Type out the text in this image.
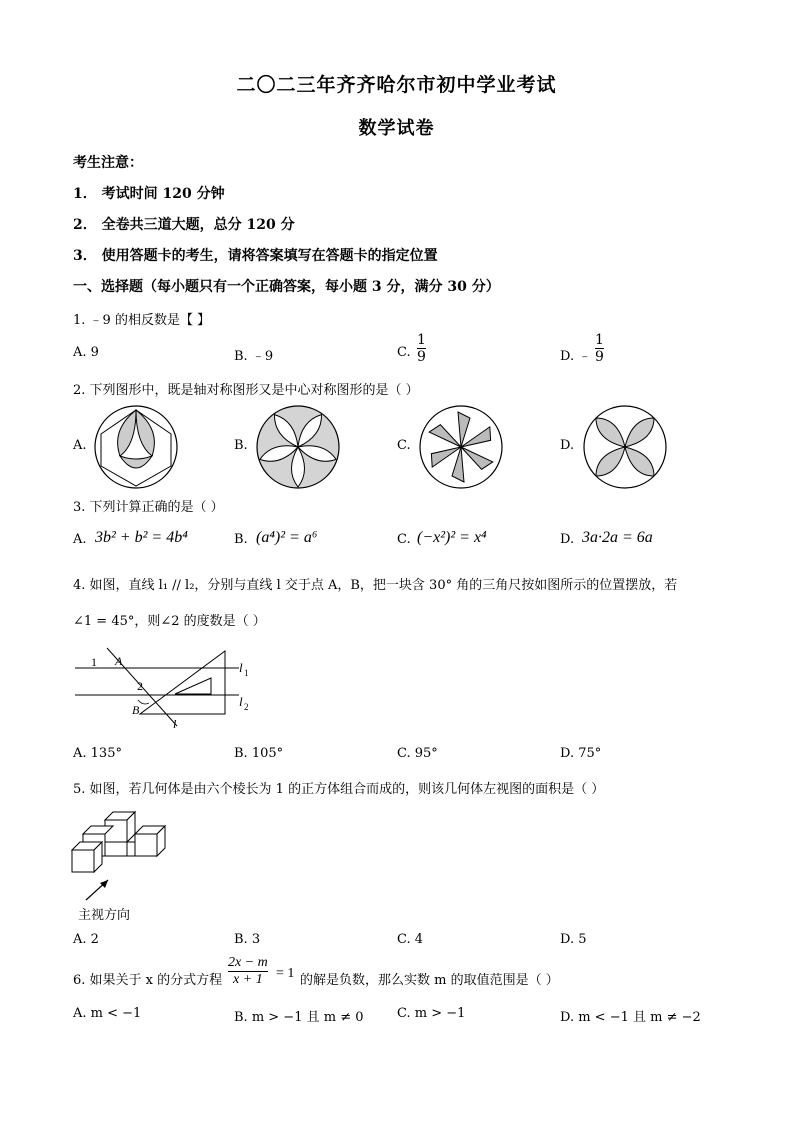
二〇二三年齐齐哈尔市初中学业考试
数学试卷
考生注意：
1． 考试时间 120 分钟
2． 全卷共三道大题，总分 120 分
3． 使用答题卡的考生，请将答案填写在答题卡的指定位置
一、选择题（每小题只有一个正确答案，每小题 3 分，满分 30 分）
1. ﹣9 的相反数是【 】
A. 9	B. ﹣9	C. $\frac{1}{9}$	D. ﹣ $\frac{1}{9}$
2. 下列图形中，既是轴对称图形又是中心对称图形的是（ ）
A.	B.	C.	D.
3. 下列计算正确的是（ ）
A. 3b² + b² = 4b⁴	B. (a⁴)² = a⁶	C. (−x²)² = x⁴	D. 3a·2a = 6a
4. 如图，直线 l₁ // l₂，分别与直线 l 交于点 A，B，把一块含 30° 角的三角尺按如图所示的位置摆放，若
∠1 = 45°，则∠2 的度数是（ ）
1 A
2
B
l
l 1
l 2
A. 135°	B. 105°	C. 95°	D. 75°
5. 如图，若几何体是由六个棱长为 1 的正方体组合而成的，则该几何体左视图的面积是（ ）
主视方向
A. 2	B. 3	C. 4	D. 5
6. 如果关于 x 的分式方程 $\frac{2x - m}{x + 1} = 1$ 的解是负数，那么实数 m 的取值范围是（ ）
A. m < −1	B. m > −1 且 m ≠ 0	C. m > −1	D. m < −1 且 m ≠ −2
